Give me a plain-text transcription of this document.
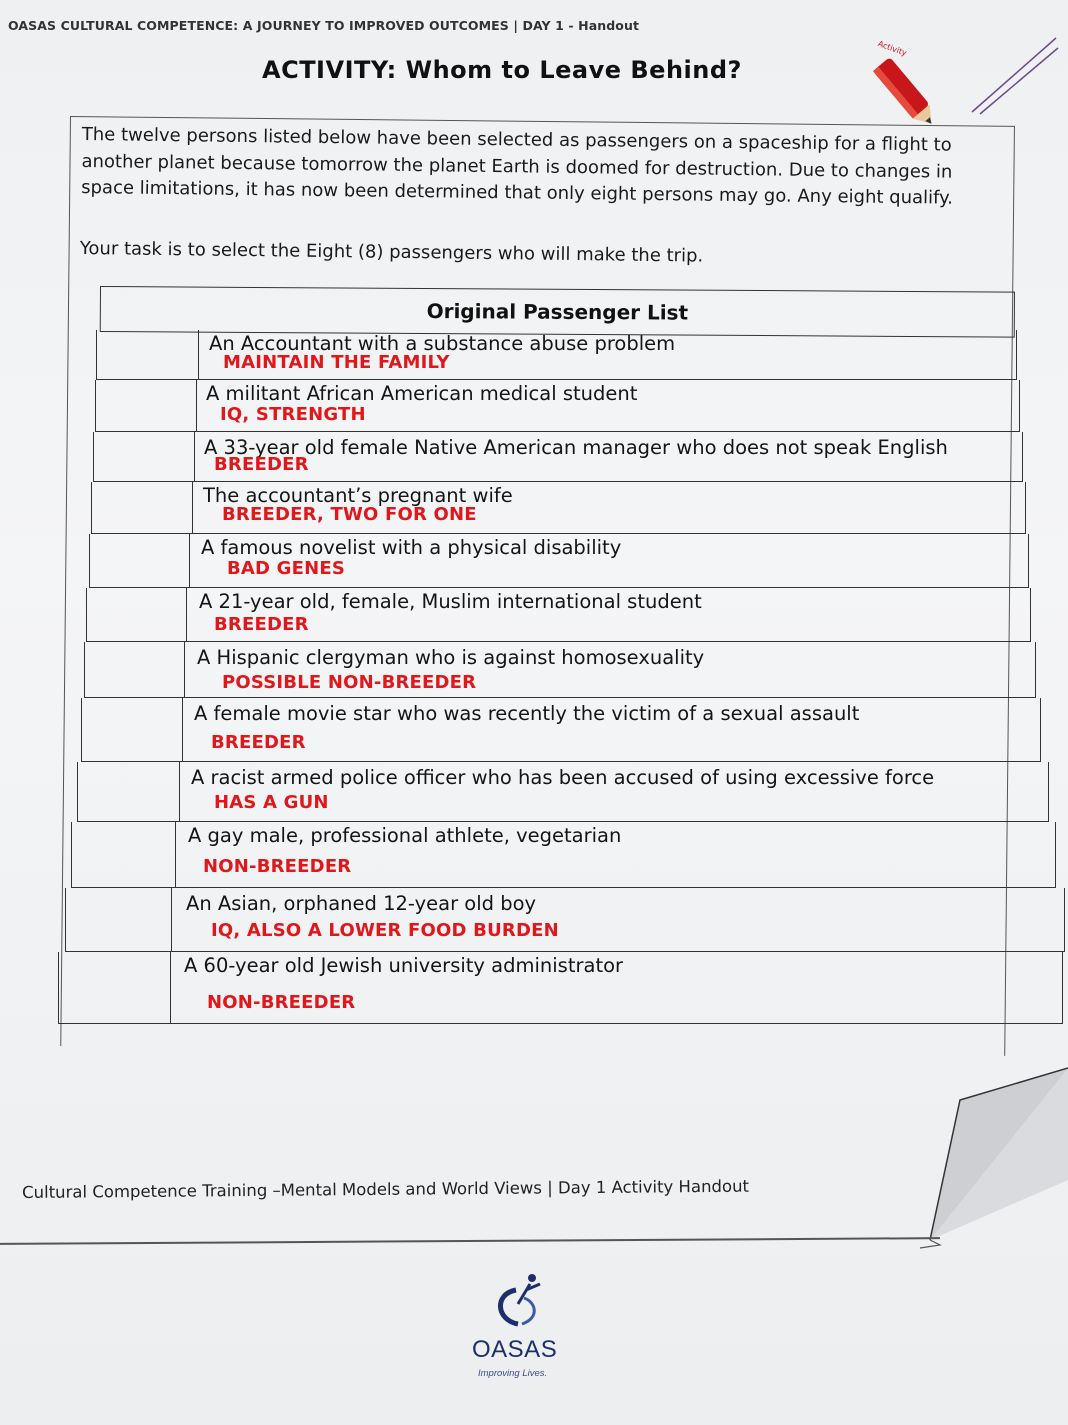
OASAS CULTURAL COMPETENCE: A JOURNEY TO IMPROVED OUTCOMES | DAY 1 - Handout
ACTIVITY: Whom to Leave Behind?
Activity
The twelve persons listed below have been selected as passengers on a spaceship for a flight to another planet because tomorrow the planet Earth is doomed for destruction. Due to changes in space limitations, it has now been determined that only eight persons may go. Any eight qualify.
Your task is to select the Eight (8) passengers who will make the trip.
Original Passenger List
An Accountant with a substance abuse problem
MAINTAIN THE FAMILY
A militant African American medical student
IQ, STRENGTH
A 33-year old female Native American manager who does not speak English
BREEDER
The accountant’s pregnant wife
BREEDER, TWO FOR ONE
A famous novelist with a physical disability
BAD GENES
A 21-year old, female, Muslim international student
BREEDER
A Hispanic clergyman who is against homosexuality
POSSIBLE NON-BREEDER
A female movie star who was recently the victim of a sexual assault
BREEDER
A racist armed police officer who has been accused of using excessive force
HAS A GUN
A gay male, professional athlete, vegetarian
NON-BREEDER
An Asian, orphaned 12-year old boy
IQ, ALSO A LOWER FOOD BURDEN
A 60-year old Jewish university administrator
NON-BREEDER
Cultural Competence Training –Mental Models and World Views | Day 1 Activity Handout
OASAS
Improving Lives.
